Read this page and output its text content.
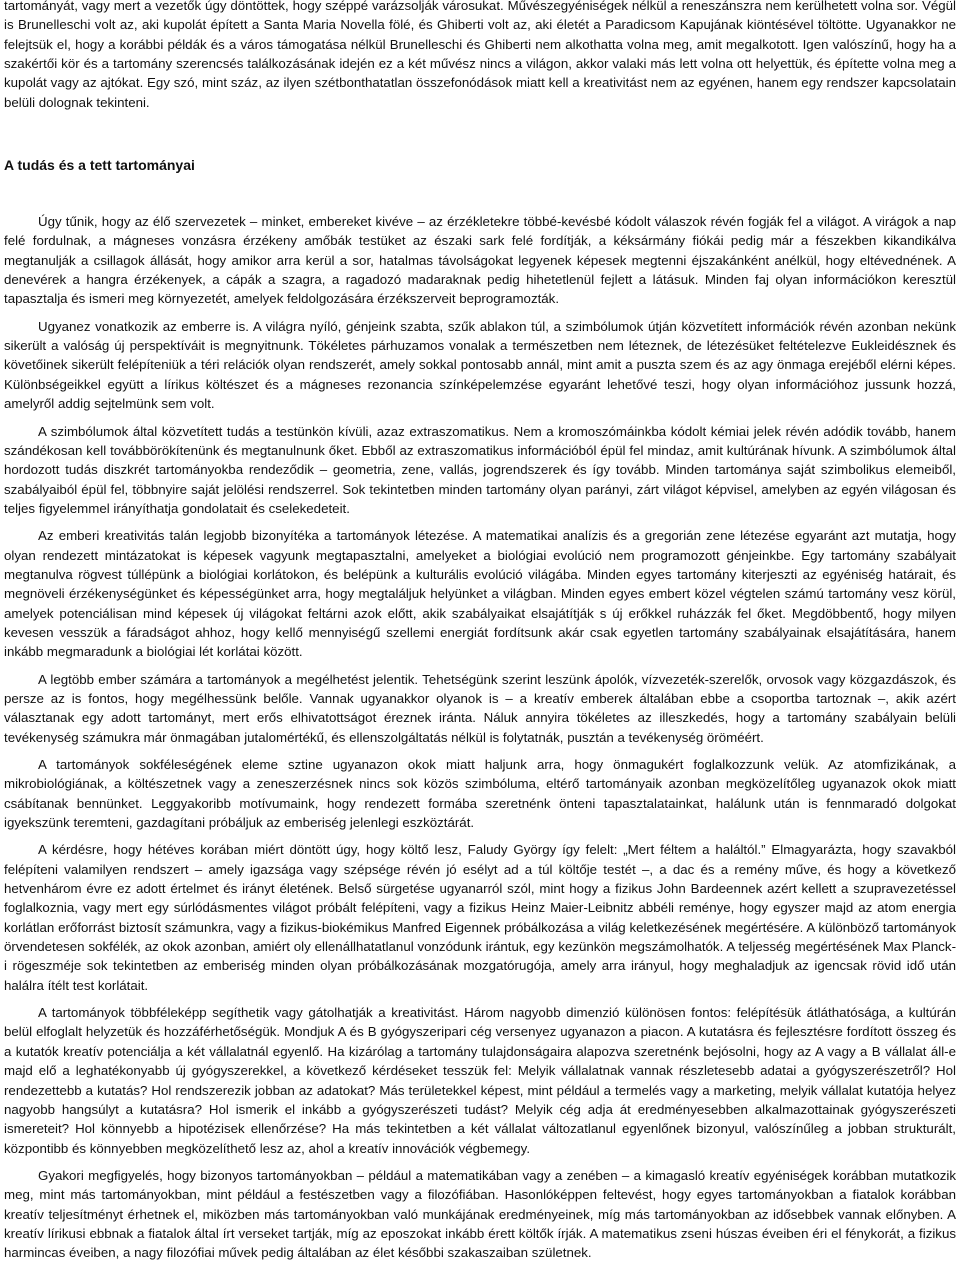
tartományát, vagy mert a vezetők úgy döntöttek, hogy széppé varázsolják városukat. Művészegyéniségek nélkül a reneszánszra nem kerülhetett volna sor. Végül is Brunelleschi volt az, aki kupolát épített a Santa Maria Novella fölé, és Ghiberti volt az, aki életét a Paradicsom Kapujának kiöntésével töltötte. Ugyanakkor ne felejtsük el, hogy a korábbi példák és a város támogatása nélkül Brunelleschi és Ghiberti nem alkothatta volna meg, amit megalkotott. Igen valószínű, hogy ha a szakértői kör és a tartomány szerencsés találkozásának idején ez a két művész nincs a világon, akkor valaki más lett volna ott helyettük, és építette volna meg a kupolát vagy az ajtókat. Egy szó, mint száz, az ilyen szétbonthatatlan összefonódások miatt kell a kreativitást nem az egyénen, hanem egy rendszer kapcsolatain belüli dolognak tekinteni.

A tudás és a tett tartományai

Úgy tűnik, hogy az élő szervezetek – minket, embereket kivéve – az érzékletekre többé-kevésbé kódolt válaszok révén fogják fel a világot. A virágok a nap felé fordulnak, a mágneses vonzásra érzékeny amőbák testüket az északi sark felé fordítják, a kéksármány fiókái pedig már a fészekben kikandikálva megtanulják a csillagok állását, hogy amikor arra kerül a sor, hatalmas távolságokat legyenek képesek megtenni éjszakánként anélkül, hogy eltévednének. A denevérek a hangra érzékenyek, a cápák a szagra, a ragadozó madaraknak pedig hihetetlenül fejlett a látásuk. Minden faj olyan információkon keresztül tapasztalja és ismeri meg környezetét, amelyek feldolgozására érzékszerveit beprogramozták.

Ugyanez vonatkozik az emberre is. A világra nyíló, génjeink szabta, szűk ablakon túl, a szimbólumok útján közvetített információk révén azonban nekünk sikerült a valóság új perspektíváit is megnyitnunk. Tökéletes párhuzamos vonalak a természetben nem léteznek, de létezésüket feltételezve Eukleidésznek és követőinek sikerült felépíteniük a téri relációk olyan rendszerét, amely sokkal pontosabb annál, mint amit a puszta szem és az agy önmaga erejéből elérni képes. Különbségeikkel együtt a lírikus költészet és a mágneses rezonancia színképelemzése egyaránt lehetővé teszi, hogy olyan információhoz jussunk hozzá, amelyről addig sejtelmünk sem volt.

A szimbólumok által közvetített tudás a testünkön kívüli, azaz extraszomatikus. Nem a kromoszómáinkba kódolt kémiai jelek révén adódik tovább, hanem szándékosan kell továbbörökítenünk és megtanulnunk őket. Ebből az extraszomatikus információból épül fel mindaz, amit kultúrának hívunk. A szimbólumok által hordozott tudás diszkrét tartományokba rendeződik – geometria, zene, vallás, jogrendszerek és így tovább. Minden tartománya saját szimbolikus elemeiből, szabályaiból épül fel, többnyire saját jelölési rendszerrel. Sok tekintetben minden tartomány olyan parányi, zárt világot képvisel, amelyben az egyén világosan és teljes figyelemmel irányíthatja gondolatait és cselekedeteit.

Az emberi kreativitás talán legjobb bizonyítéka a tartományok létezése. A matematikai analízis és a gregorián zene létezése egyaránt azt mutatja, hogy olyan rendezett mintázatokat is képesek vagyunk megtapasztalni, amelyeket a biológiai evolúció nem programozott génjeinkbe. Egy tartomány szabályait megtanulva rögvest túllépünk a biológiai korlátokon, és belépünk a kulturális evolúció világába. Minden egyes tartomány kiterjeszti az egyéniség határait, és megnöveli érzékenységünket és képességünket arra, hogy megtaláljuk helyünket a világban. Minden egyes embert közel végtelen számú tartomány vesz körül, amelyek potenciálisan mind képesek új világokat feltárni azok előtt, akik szabályaikat elsajátítják s új erőkkel ruházzák fel őket. Megdöbbentő, hogy milyen kevesen vesszük a fáradságot ahhoz, hogy kellő mennyiségű szellemi energiát fordítsunk akár csak egyetlen tartomány szabályainak elsajátítására, hanem inkább megmaradunk a biológiai lét korlátai között.

A legtöbb ember számára a tartományok a megélhetést jelentik. Tehetségünk szerint leszünk ápolók, vízvezeték-szerelők, orvosok vagy közgazdászok, és persze az is fontos, hogy megélhessünk belőle. Vannak ugyanakkor olyanok is – a kreatív emberek általában ebbe a csoportba tartoznak –, akik azért választanak egy adott tartományt, mert erős elhivatottságot éreznek iránta. Náluk annyira tökéletes az illeszkedés, hogy a tartomány szabályain belüli tevékenység számukra már önmagában jutalomértékű, és ellenszolgáltatás nélkül is folytatnák, pusztán a tevékenység öröméért.

A tartományok sokféleségének eleme sztine ugyanazon okok miatt haljunk arra, hogy önmagukért foglalkozzunk velük. Az atomfizikának, a mikrobiológiának, a költészetnek vagy a zeneszerzésnek nincs sok közös szimbóluma, eltérő tartományaik azonban megközelítőleg ugyanazok okok miatt csábítanak bennünket. Leggyakoribb motívumaink, hogy rendezett formába szeretnénk önteni tapasztalatainkat, halálunk után is fennmaradó dolgokat igyekszünk teremteni, gazdagítani próbáljuk az emberiség jelenlegi eszköztárát.

A kérdésre, hogy hétéves korában miért döntött úgy, hogy költő lesz, Faludy György így felelt: „Mert féltem a haláltól.” Elmagyarázta, hogy szavakból felépíteni valamilyen rendszert – amely igazsága vagy szépsége révén jó esélyt ad a túl költője testét –, a dac és a remény műve, és hogy a következő hetvenhárom évre ez adott értelmet és irányt életének. Belső sürgetése ugyanarról szól, mint hogy a fizikus John Bardeennek azért kellett a szupravezetéssel foglalkoznia, vagy mert egy súrlódásmentes világot próbált felépíteni, vagy a fizikus Heinz Maier-Leibnitz abbéli reménye, hogy egyszer majd az atom energia korlátlan erőforrást biztosít számunkra, vagy a fizikus-biokémikus Manfred Eigennek próbálkozása a világ keletkezésének megértésére. A különböző tartományok örvendetesen sokfélék, az okok azonban, amiért oly ellenállhatatlanul vonzódunk irántuk, egy kezünkön megszámolhatók. A teljesség megértésének Max Planck-i rögeszméje sok tekintetben az emberiség minden olyan próbálkozásának mozgatórugója, amely arra irányul, hogy meghaladjuk az igencsak rövid idő után halálra ítélt test korlátait.

A tartományok többféleképp segíthetik vagy gátolhatják a kreativitást. Három nagyobb dimenzió különösen fontos: felépítésük átláthatósága, a kultúrán belül elfoglalt helyzetük és hozzáférhetőségük. Mondjuk A és B gyógyszeripari cég versenyez ugyanazon a piacon. A kutatásra és fejlesztésre fordított összeg és a kutatók kreatív potenciálja a két vállalatnál egyenlő. Ha kizárólag a tartomány tulajdonságaira alapozva szeretnénk bejósolni, hogy az A vagy a B vállalat áll-e majd elő a leghatékonyabb új gyógyszerekkel, a következő kérdéseket tesszük fel: Melyik vállalatnak vannak részletesebb adatai a gyógyszerészetről? Hol rendezettebb a kutatás? Hol rendszerezik jobban az adatokat? Más területekkel képest, mint például a termelés vagy a marketing, melyik vállalat kutatója helyez nagyobb hangsúlyt a kutatásra? Hol ismerik el inkább a gyógyszerészeti tudást? Melyik cég adja át eredményesebben alkalmazottainak gyógyszerészeti ismereteit? Hol könnyebb a hipotézisek ellenőrzése? Ha más tekintetben a két vállalat változatlanul egyenlőnek bizonyul, valószínűleg a jobban strukturált, központibb és könnyebben megközelíthető lesz az, ahol a kreatív innovációk végbemegy.

Gyakori megfigyelés, hogy bizonyos tartományokban – például a matematikában vagy a zenében – a kimagasló kreatív egyéniségek korábban mutatkozik meg, mint más tartományokban, mint például a festészetben vagy a filozófiában. Hasonlóképpen feltevést, hogy egyes tartományokban a fiatalok korábban kreatív teljesítményt érhetnek el, miközben más tartományokban való munkájának eredményeinek, míg más tartományokban az idősebbek vannak előnyben. A kreatív lírikusi ebbnak a fiatalok által írt verseket tartják, míg az eposzokat inkább érett költők írják. A matematikus zseni húszas éveiben éri el fénykorát, a fizikus harmincas éveiben, a nagy filozófiai művek pedig általában az élet későbbi szakaszaiban születnek.
